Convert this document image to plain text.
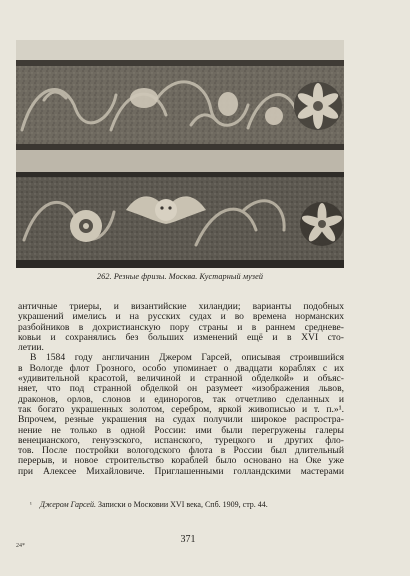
262. Резные фризы. Москва. Кустарный музей
античные триеры, и византийские хиландии; варианты подобных
украшений имелись и на русских судах и во времена норманских
разбойников в дохристианскую пору страны и в раннем средневе-
ковьи и сохранялись без больших изменений ещё и в XVI сто-
летии.
В 1584 году англичанин Джером Гарсей, описывая строившийся
в Вологде флот Грозного, особо упоминает о двадцати кораблях с их
«удивительной красотой, величиной и странной обделкой» и объяс-
няет, что под странной обделкой он разумеет «изображения львов,
драконов, орлов, слонов и единорогов, так отчетливо сделанных и
так богато украшенных золотом, серебром, яркой живописью и т. п.»¹.
Впрочем, резные украшения на судах получили широкое распростра-
нение не только в одной России: ими были перегружены галеры
венецианского, генуэзского, испанского, турецкого и других фло-
тов. После постройки вологодского флота в России был длительный
перерыв, и новое строительство кораблей было основано на Оке уже
при Алексее Михайловиче. Приглашенными голландскими мастерами
$^{^1}$ Джером Гарсей. Записки о Московии XVI века, Спб. 1909, стр. 44.
371
24*
